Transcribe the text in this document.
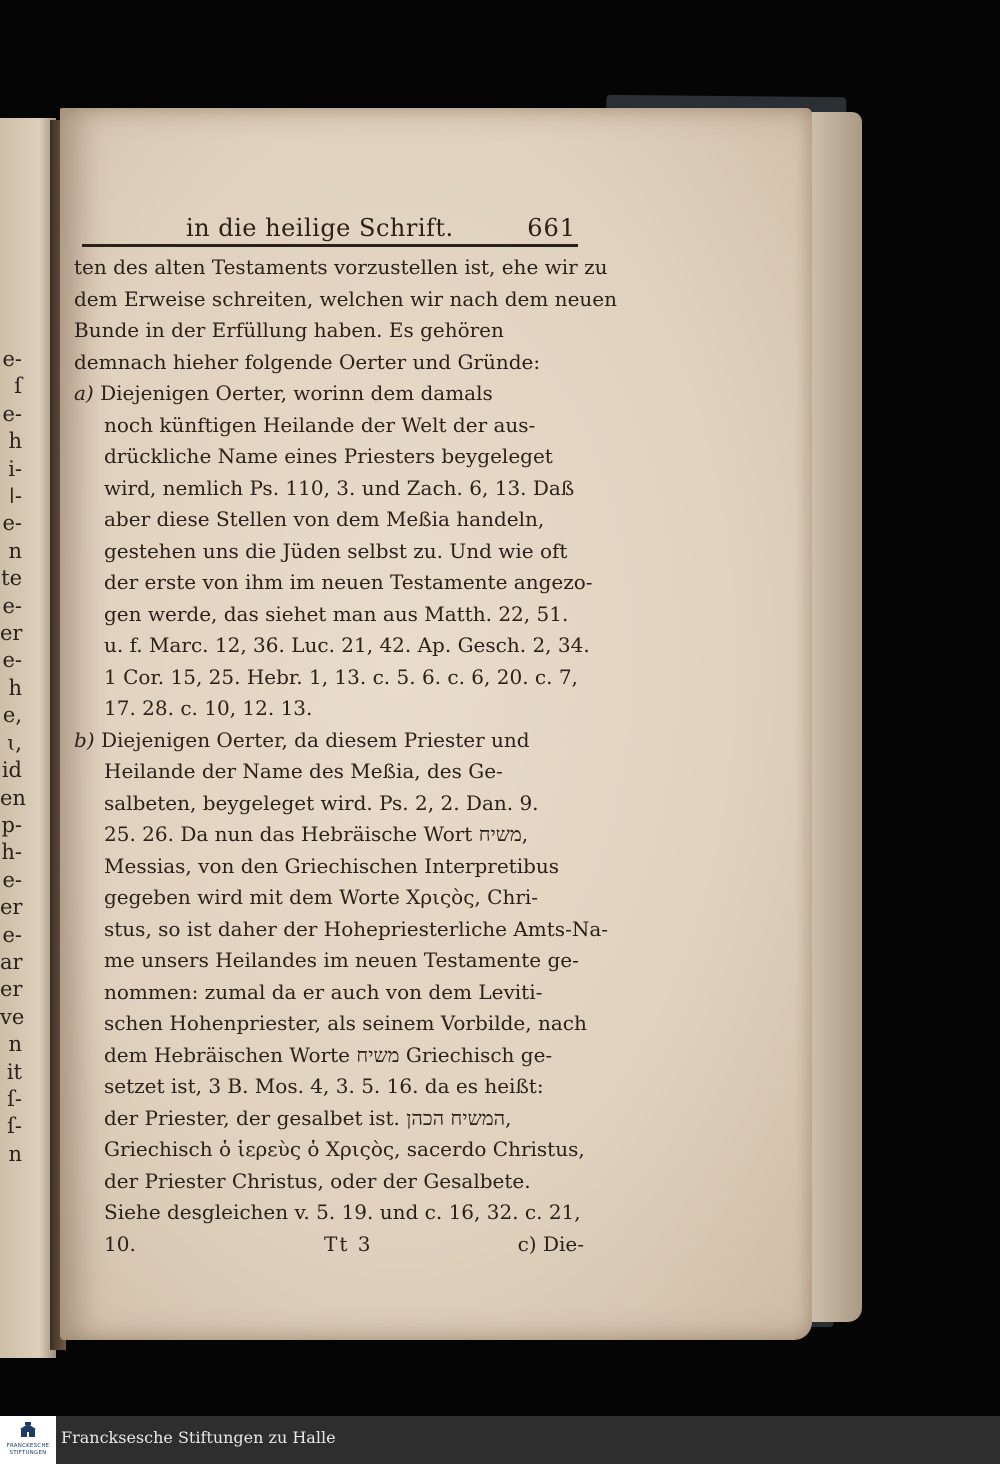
e-
ſ
e-
h
i-
ǀ-
e-
n
te
e-
er
e-
h
e,
ɩ,
id
en
p-
h-
e-
er
e-
ar
er
ve
n
it
ſ-
ſ-
n
in die heilige Schrift.	661
ten des alten Testaments vorzustellen ist, ehe wir zu
dem Erweise schreiten, welchen wir nach dem neuen
Bunde in der Erfüllung haben. Es gehören
demnach hieher folgende Oerter und Gründe:
a) Diejenigen Oerter, worinn dem damals
noch künftigen Heilande der Welt der aus-
drückliche Name eines Priesters beygeleget
wird, nemlich Ps. 110, 3. und Zach. 6, 13. Daß
aber diese Stellen von dem Meßia handeln,
gestehen uns die Jüden selbst zu. Und wie oft
der erste von ihm im neuen Testamente angezo-
gen werde, das siehet man aus Matth. 22, 51.
u. f. Marc. 12, 36. Luc. 21, 42. Ap. Gesch. 2, 34.
1 Cor. 15, 25. Hebr. 1, 13. c. 5. 6. c. 6, 20. c. 7,
17. 28. c. 10, 12. 13.
b) Diejenigen Oerter, da diesem Priester und
Heilande der Name des Meßia, des Ge-
salbeten, beygeleget wird. Ps. 2, 2. Dan. 9.
25. 26. Da nun das Hebräische Wort משיח,
Messias, von den Griechischen Interpretibus
gegeben wird mit dem Worte Χριςὸς, Chri-
stus, so ist daher der Hohepriesterliche Amts-Na-
me unsers Heilandes im neuen Testamente ge-
nommen: zumal da er auch von dem Leviti-
schen Hohenpriester, als seinem Vorbilde, nach
dem Hebräischen Worte משיח Griechisch ge-
setzet ist, 3 B. Mos. 4, 3. 5. 16. da es heißt:
der Priester, der gesalbet ist. המשיח הכהן,
Griechisch ὁ ἱερεὺς ὁ Χριςὸς, sacerdo Christus,
der Priester Christus, oder der Gesalbete.
Siehe desgleichen v. 5. 19. und c. 16, 32. c. 21,
10.	Tt 3	c) Die-
FRANCKESCHE
STIFTUNGEN
Francksesche Stiftungen zu Halle
